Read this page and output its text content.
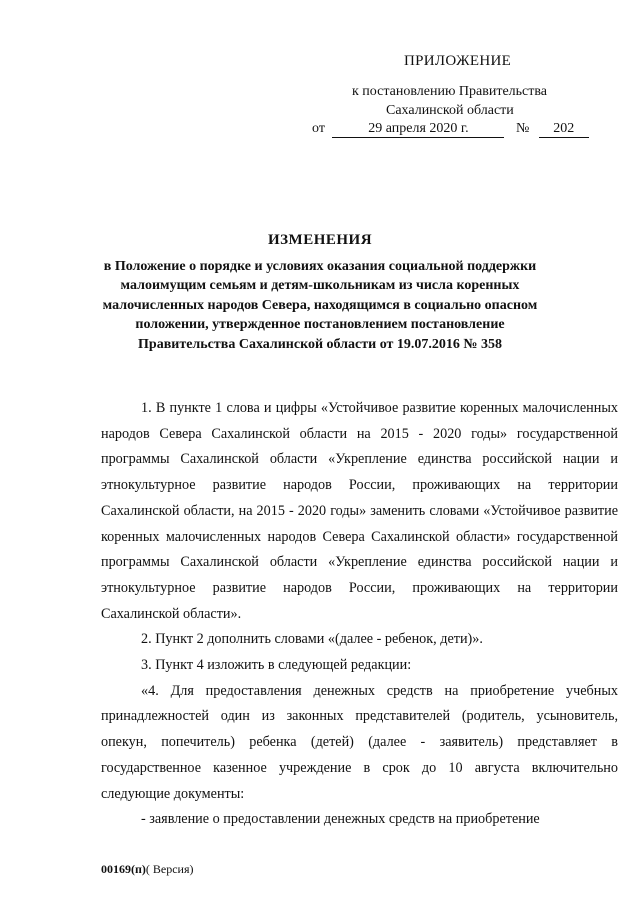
ПРИЛОЖЕНИЕ
к постановлению Правительства
Сахалинской области
от	29 апреля 2020 г.	№ 202
ИЗМЕНЕНИЯ
в Положение о порядке и условиях оказания социальной поддержки малоимущим семьям и детям-школьникам из числа коренных малочисленных народов Севера, находящимся в социально опасном положении, утвержденное постановлением постановление Правительства Сахалинской области от 19.07.2016 № 358

1. В пункте 1 слова и цифры «Устойчивое развитие коренных малочисленных народов Севера Сахалинской области на 2015 - 2020 годы» государственной программы Сахалинской области «Укрепление единства российской нации и этнокультурное развитие народов России, проживающих на территории Сахалинской области, на 2015 - 2020 годы» заменить словами «Устойчивое развитие коренных малочисленных народов Севера Сахалинской области» государственной программы Сахалинской области «Укрепление единства российской нации и этнокультурное развитие народов России, проживающих на территории Сахалинской области».

2. Пункт 2 дополнить словами «(далее - ребенок, дети)».

3. Пункт 4 изложить в следующей редакции:

«4. Для предоставления денежных средств на приобретение учебных принадлежностей один из законных представителей (родитель, усыновитель, опекун, попечитель) ребенка (детей) (далее - заявитель) представляет в государственное казенное учреждение в срок до 10 августа включительно следующие документы:

- заявление о предоставлении денежных средств на приобретение

00169(п)( Версия)
